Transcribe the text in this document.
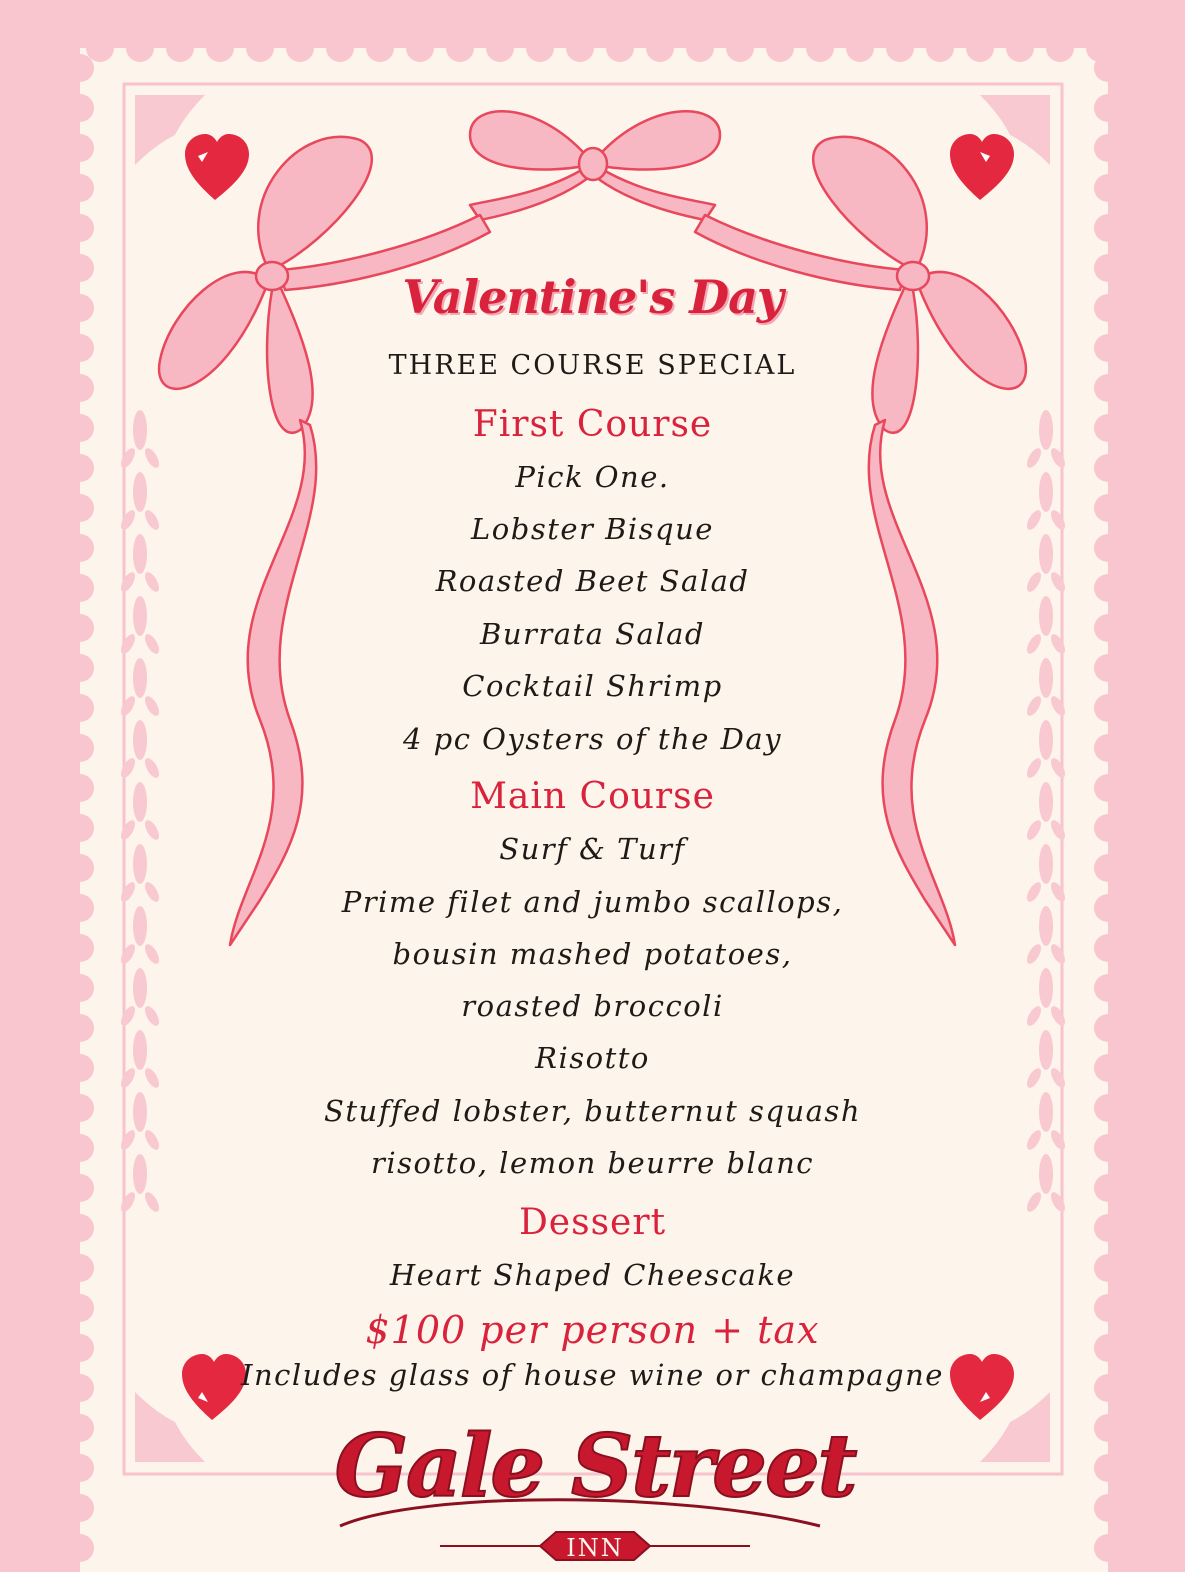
Valentine's Day
THREE COURSE SPECIAL
First Course
Pick One.
Lobster Bisque
Roasted Beet Salad
Burrata Salad
Cocktail Shrimp
4 pc Oysters of the Day
Main Course
Surf & Turf
Prime filet and jumbo scallops,
bousin mashed potatoes,
roasted broccoli
Risotto
Stuffed lobster, butternut squash
risotto, lemon beurre blanc
Dessert
Heart Shaped Cheescake
$100 per person + tax
Includes glass of house wine or champagne
Gale Street
INN
